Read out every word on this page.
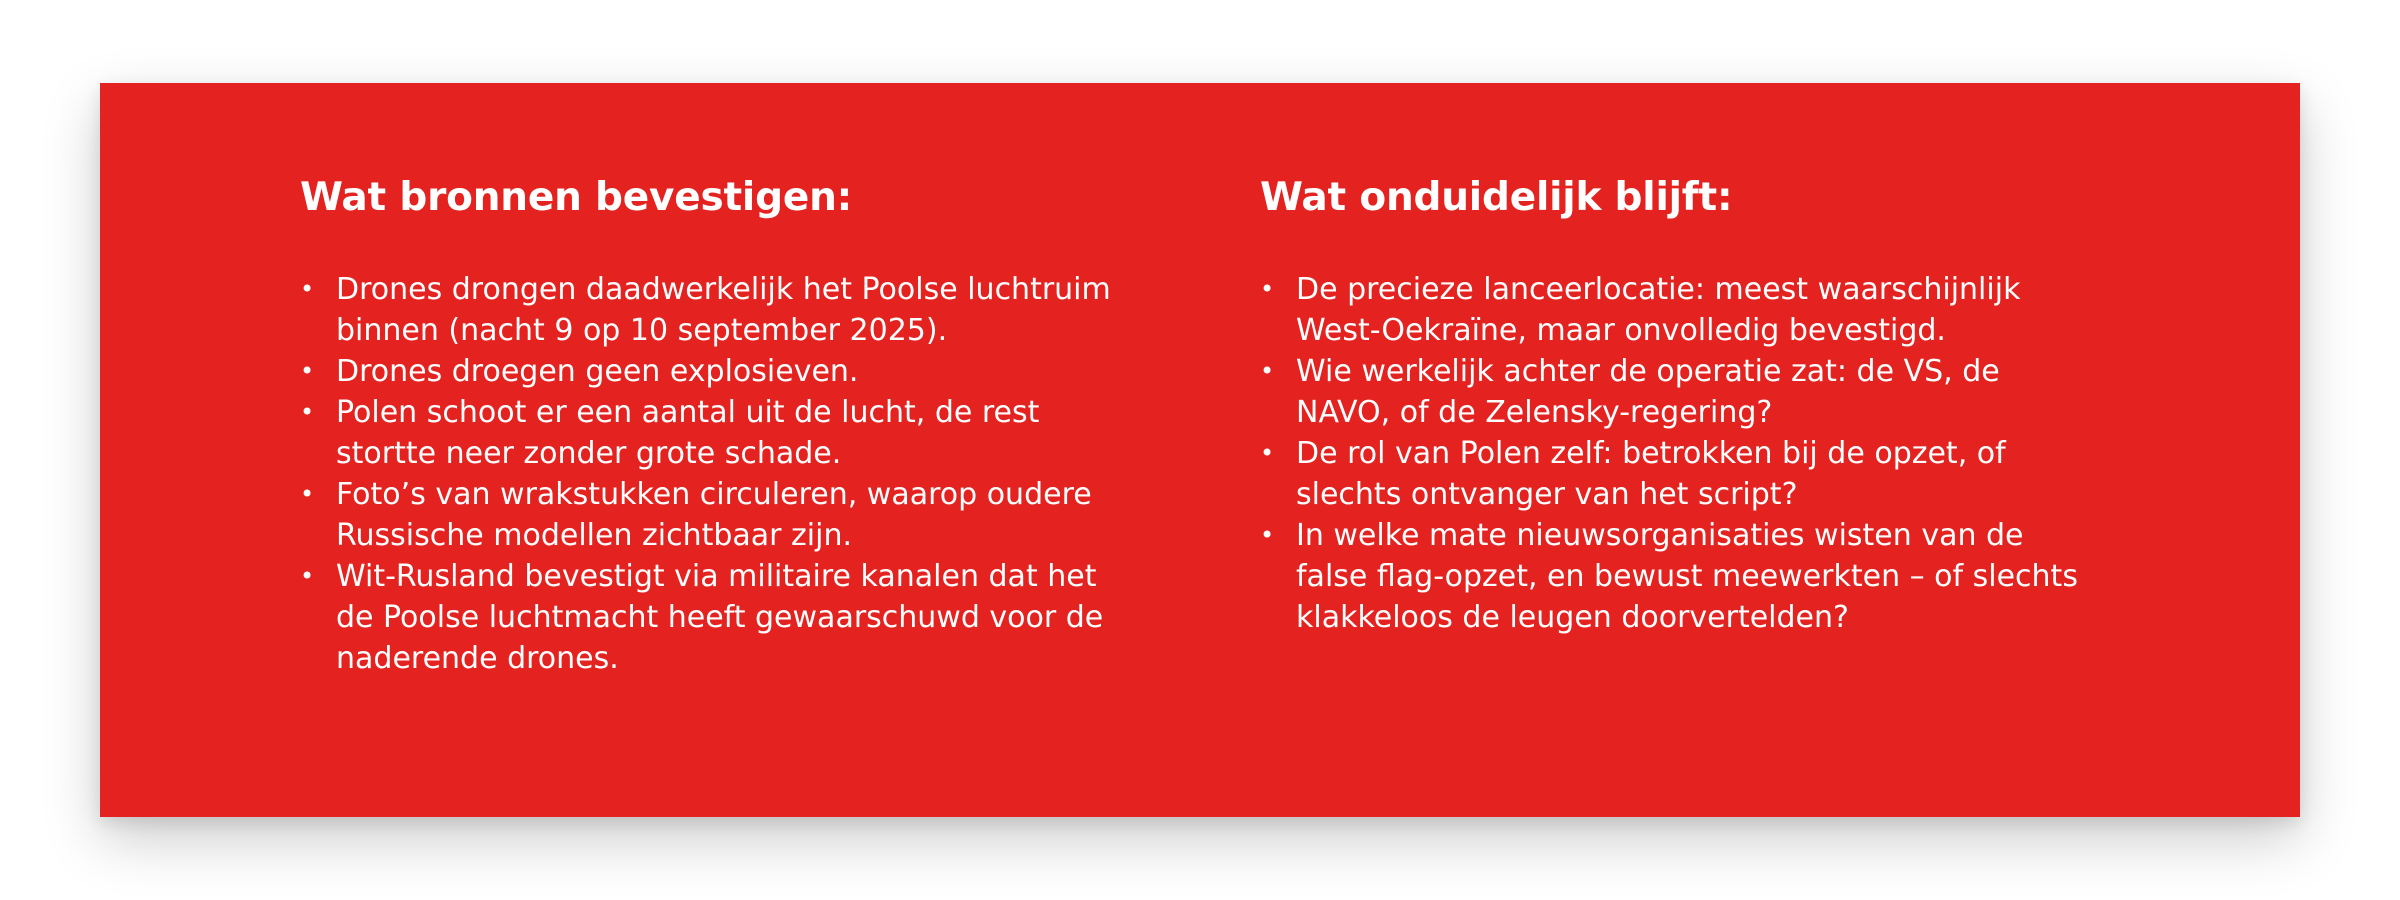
Wat bronnen bevestigen:
• Drones drongen daadwerkelijk het Poolse luchtruim binnen (nacht 9 op 10 september 2025).
• Drones droegen geen explosieven.
• Polen schoot er een aantal uit de lucht, de rest stortte neer zonder grote schade.
• Foto’s van wrakstukken circuleren, waarop oudere Russische modellen zichtbaar zijn.
• Wit-Rusland bevestigt via militaire kanalen dat het de Poolse luchtmacht heeft gewaarschuwd voor de naderende drones.
Wat onduidelijk blijft:
• De precieze lanceerlocatie: meest waarschijnlijk West-Oekraïne, maar onvolledig bevestigd.
• Wie werkelijk achter de operatie zat: de VS, de NAVO, of de Zelensky-regering?
• De rol van Polen zelf: betrokken bij de opzet, of slechts ontvanger van het script?
• In welke mate nieuwsorganisaties wisten van de false flag-opzet, en bewust meewerkten – of slechts klakkeloos de leugen doorvertelden?
